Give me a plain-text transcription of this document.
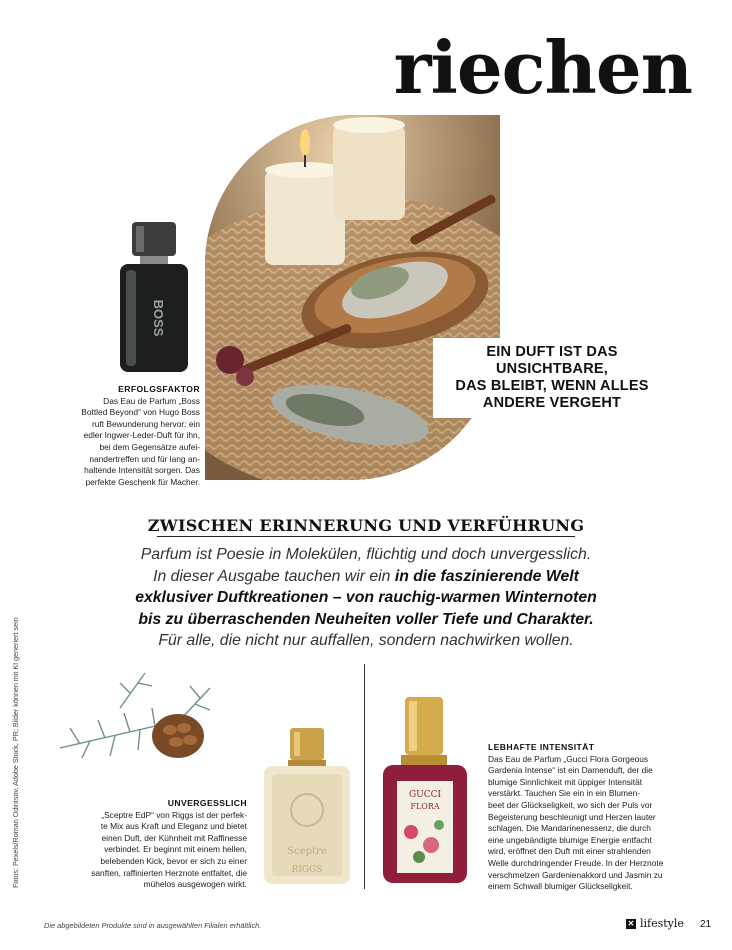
riechen

EIN DUFT IST DAS
UNSICHTBARE,
DAS BLEIBT, WENN ALLES
ANDERE VERGEHT

BOSS
ERFOLGSFAKTOR
Das Eau de Parfum „Boss
Bottled Beyond“ von Hugo Boss
ruft Bewunderung hervor: ein
edler Ingwer-Leder-Duft für ihn,
bei dem Gegensätze aufei-
nandertreffen und für lang an-
haltende Intensität sorgen. Das
perfekte Geschenk für Macher.
ZWISCHEN ERINNERUNG UND VERFÜHRUNG

Parfum ist Poesie in Molekülen, flüchtig und doch unvergesslich.
In dieser Ausgabe tauchen wir ein in die faszinierende Welt
exklusiver Duftkreationen – von rauchig-warmen Winternoten
bis zu überraschenden Neuheiten voller Tiefe und Charakter.
Für alle, die nicht nur auffallen, sondern nachwirken wollen.

Sceptre
RIGGS
GUCCI
FLORA
UNVERGESSLICH
„Sceptre EdP“ von Riggs ist der perfek-
te Mix aus Kraft und Eleganz und bietet
einen Duft, der Kühnheit mit Raffinesse
verbindet. Er beginnt mit einem hellen,
belebenden Kick, bevor er sich zu einer
sanften, raffinierten Herznote entfaltet, die
mühelos ausgewogen wirkt.
LEBHAFTE INTENSITÄT
Das Eau de Parfum „Gucci Flora Gorgeous
Gardenia Intense“ ist ein Damenduft, der die
blumige Sinnlichkeit mit üppiger Intensität
verstärkt. Tauchen Sie ein in ein Blumen-
beet der Glückseligkeit, wo sich der Puls vor
Begeisterung beschleunigt und Herzen lauter
schlagen. Die Mandarinenessenz, die durch
eine ungebändigte blumige Energie entfacht
wird, eröffnet den Duft mit einer strahlenden
Welle durchdringender Freude. In der Herznote
verschmelzen Gardenienakkord und Jasmin zu
einem Schwall blumiger Glückseligkeit.

Fotos: Pexels/Roman Odintsov, Adobe Stock, PR; Bilder können mit KI generiert sein

Die abgebildeten Produkte sind in ausgewählten Filialen erhältlich.	✕ lifestyle 21
